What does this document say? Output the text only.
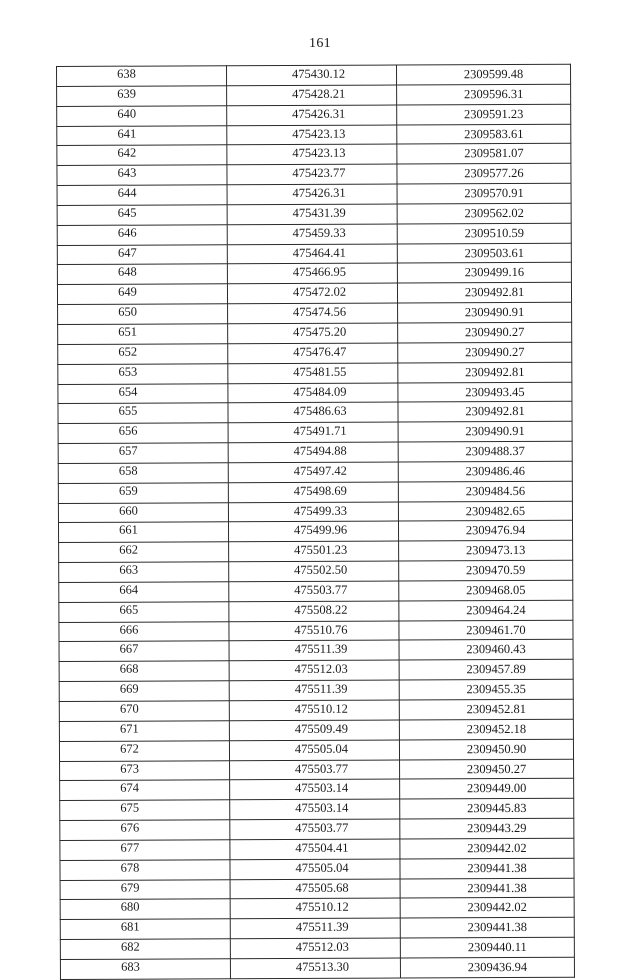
161
638	475430.12	2309599.48
639	475428.21	2309596.31
640	475426.31	2309591.23
641	475423.13	2309583.61
642	475423.13	2309581.07
643	475423.77	2309577.26
644	475426.31	2309570.91
645	475431.39	2309562.02
646	475459.33	2309510.59
647	475464.41	2309503.61
648	475466.95	2309499.16
649	475472.02	2309492.81
650	475474.56	2309490.91
651	475475.20	2309490.27
652	475476.47	2309490.27
653	475481.55	2309492.81
654	475484.09	2309493.45
655	475486.63	2309492.81
656	475491.71	2309490.91
657	475494.88	2309488.37
658	475497.42	2309486.46
659	475498.69	2309484.56
660	475499.33	2309482.65
661	475499.96	2309476.94
662	475501.23	2309473.13
663	475502.50	2309470.59
664	475503.77	2309468.05
665	475508.22	2309464.24
666	475510.76	2309461.70
667	475511.39	2309460.43
668	475512.03	2309457.89
669	475511.39	2309455.35
670	475510.12	2309452.81
671	475509.49	2309452.18
672	475505.04	2309450.90
673	475503.77	2309450.27
674	475503.14	2309449.00
675	475503.14	2309445.83
676	475503.77	2309443.29
677	475504.41	2309442.02
678	475505.04	2309441.38
679	475505.68	2309441.38
680	475510.12	2309442.02
681	475511.39	2309441.38
682	475512.03	2309440.11
683	475513.30	2309436.94
